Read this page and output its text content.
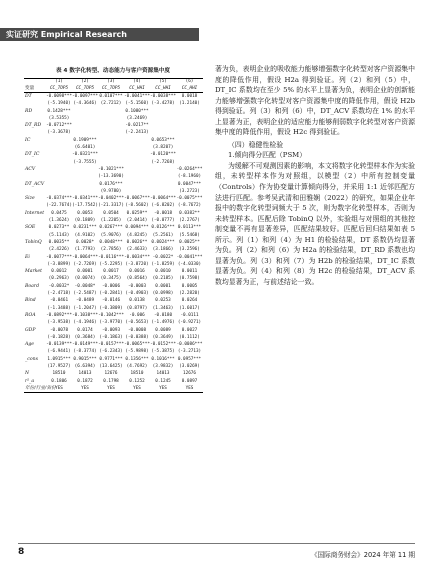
实证研究 Empirical Research
表 4 数字化转型、动态能力与客户资源集中度
	(1)	(2)	(3)	(4)	(5)	(6)
变量	CC_TOP5	CC_TOP5	CC_TOP5	CC_HHI	CC_HHI	CC_HHI
DT	-0.0098***	-0.0097***	0.0107***	-0.0041***	-0.0038***	0.0018
	(-5.1940)	(-4.3646)	(2.7212)	(-5.1560)	(-3.4278)	(1.2140)
RD	0.1428***			0.1080***		
	(3.5355)			(3.2469)		
DT_RD	-0.0712***			-0.0217**		
	(-3.3678)			(-2.2413)		
IC		0.1909***			0.0653***	
		(6.6401)			(3.8207)	
DT_IC		-0.0321***			-0.0120***	
		(-3.7555)			(-2.7268)	
ACV			-0.1021***			-0.0264***
			(-13.3690)			(-8.1960)
DT_ACV			0.0176***			0.0047***
			(9.9780)			(3.2723)
Size	-0.0374***	-0.0341***	-0.0402***	-0.0067***	-0.0064***	-0.0075***
	(-22.7674)	(-17.7542)	(-21.3317)	(-8.5602)	(-6.8202)	(-8.7672)
Internet	0.0475	0.0053	0.0504	0.0259**	-0.0018	0.0382**
	(1.3624)	(0.1809)	(1.2205)	(2.0414)	(-0.0777)	(2.2767)
SOE	0.0273**	0.0231***	0.0267***	0.0094***	0.0126***	0.0113***
	(5.1143)	(4.9102)	(5.9076)	(4.8245)	(5.2561)	(5.5468)
TobinQ	0.0035**	0.0028*	0.0048***	0.0026**	0.0024***	0.0025**
	(2.4226)	(1.7793)	(2.7856)	(2.4633)	(3.1866)	(3.2596)
Ei	-0.0077***	-0.0064***	-0.0116***	-0.0034***	-0.0022*	-0.0041***
	(-3.8899)	(-2.7269)	(-5.2295)	(-3.8720)	(-1.8259)	(-4.0330)
Market	0.0012	0.0001	0.0017	0.0016	0.0010	0.0011
	(0.2963)	(0.0074)	(0.3475)	(0.8564)	(0.2185)	(0.7598)
Board	-0.0032*	-0.0048*	-0.0006	-0.0003	0.0001	0.0005
	(-2.4718)	(-2.5487)	(-0.2841)	(-0.4903)	(0.0998)	(2.2820)
Bind	-0.0461	-0.0489	-0.0146	0.0138	0.0253	0.0264
	(-1.3488)	(-1.2047)	(-0.3809)	(0.8797)	(1.3463)	(1.6017)
ROA	-0.0892***	-0.1038***	-0.1042***	-0.006	-0.0180	-0.0111
	(-3.9538)	(-4.1946)	(-3.9770)	(-0.5653)	(-1.4976)	(-0.9271)
GDP	-0.0078	0.0174	-0.0093	-0.0008	0.0089	0.0027
	(-0.1828)	(0.3684)	(-0.1863)	(-0.0388)	(0.3649)	(0.1112)
Age	-0.0139***	-0.0149***	-0.0157***	-0.0065***	-0.0152***	-0.0086***
	(-6.9441)	(-8.3774)	(-6.2343)	(-5.9898)	(-5.3875)	(-3.2713)
_cons	1.0915***	0.9015***	0.9771***	0.1356***	0.1016***	0.0957***
	(17.9527)	(6.6394)	(13.6425)	(4.7692)	(3.9832)	(3.0269)
N	18510	14013	12676	18510	14013	12676
r²_a	0.1806	0.1872	0.1798	0.1252	0.1245	0.0897
年份/行业/省份	YES	YES	YES	YES	YES	YES

著为负，表明企业的吸收能力能够增强数字化转型对客户资源集中度的降低作用，假设 H2a 得到验证。列（2）和列（5）中，DT_IC 系数均在至少 5% 的水平上显著为负，表明企业的创新能力能够增强数字化转型对客户资源集中度的降低作用，假设 H2b 得到验证。列（3）和列（6）中，DT_ACV 系数均在 1% 的水平上显著为正，表明企业的适应能力能够削弱数字化转型对客户资源集中度的降低作用，假设 H2c 得到验证。

（四）稳健性检验

1.倾向得分匹配（PSM）

为缓解不可观测因素的影响，本文将数字化转型样本作为实验组，未转型样本作为对照组，以模型（2）中所有控制变量（Controls）作为协变量计算倾向得分，并采用 1:1 近邻匹配方法进行匹配。参考吴武清和田雅娴（2022）的研究，如果企业年报中的数字化转型词频大于 5 次，则为数字化转型样本，否则为未转型样本。匹配后除 TobinQ 以外，实验组与对照组的其他控制变量不再有显著差异，匹配结果较好。匹配后回归结果如表 5 所示。列（1）和列（4）为 H1 的检验结果，DT 系数仍均显著为负。列（2）和列（6）为 H2a 的检验结果，DT_RD 系数也均显著为负。列（3）和列（7）为 H2b 的检验结果，DT_IC 系数显著为负。列（4）和列（8）为 H2c 的检验结果，DT_ACV 系数均显著为正，与前述结论一致。

8	《国际商务财会》2024 年第 11 期
